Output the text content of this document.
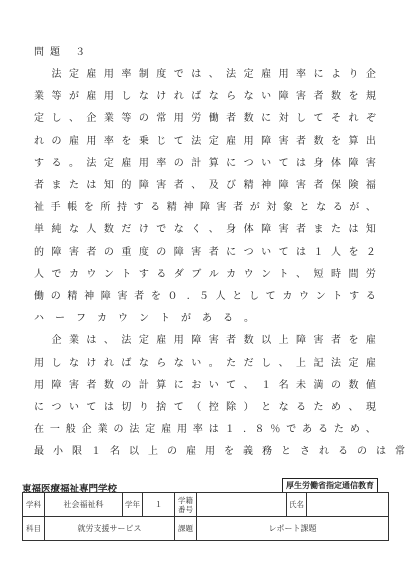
問題 ３

法 定 雇 用 率 制 度 で は 、 法 定 雇 用 率 に よ り 企
業 等 が 雇 用 し な け れ ば な ら な い 障 害 者 数 を 規
定 し 、 企 業 等 の 常 用 労 働 者 数 に 対 し て そ れ ぞ
れ の 雇 用 率 を 乗 じ て 法 定 雇 用 障 害 者 数 を 算 出
す る 。 法 定 雇 用 率 の 計 算 に つ い て は 身 体 障 害
者 ま た は 知 的 障 害 者 、 及 び 精 神 障 害 者 保 険 福
祉 手 帳 を 所 持 す る 精 神 障 害 者 が 対 象 と な る が 、
単 純 な 人 数 だ け で な く 、 身 体 障 害 者 ま た は 知
的 障 害 者 の 重 度 の 障 害 者 に つ い て は １ 人 を ２
人 で カ ウ ン ト す る ダ ブ ル カ ウ ン ト 、 短 時 間 労
働 の 精 神 障 害 者 を ０ . ５ 人 と し て カ ウ ン ト す る
ハ ー フ カ ウ ン ト が あ る 。

企 業 は 、 法 定 雇 用 障 害 者 数 以 上 障 害 者 を 雇
用 し な け れ ば な ら な い 。 た だ し 、 上 記 法 定 雇
用 障 害 者 数 の 計 算 に お い て 、 １ 名 未 満 の 数 値
に つ い て は 切 り 捨 て （ 控 除 ） と な る た め 、 現
在 一 般 企 業 の 法 定 雇 用 率 は １ . ８ ％ で あ る た め 、
最 小 限 １ 名 以 上 の 雇 用 を 義 務 と さ れ る の は 常
東福医療福祉専門学校	厚生労働省指定通信教育
学科	社会福祉科	学年	１	学籍番号		氏名	
科目	就労支援サービス			課題	レポート課題		
